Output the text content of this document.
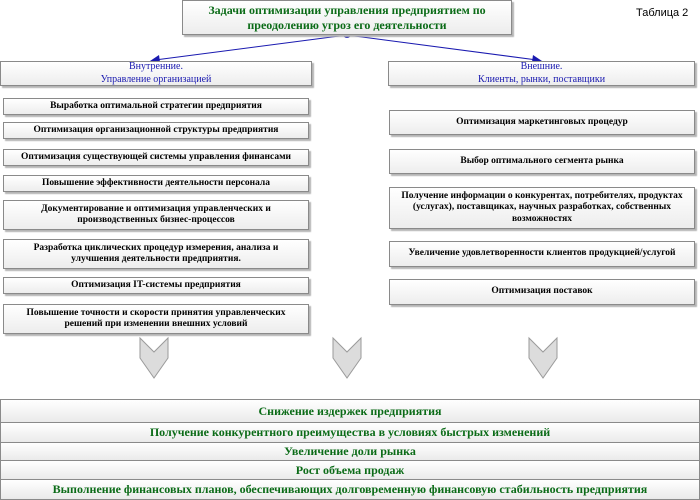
Задачи оптимизации управления предприятием по
преодолению угроз его деятельности
Таблица 2
Внутренние.
Управление организацией
Внешние.
Клиенты, рынки, поставщики
Выработка оптимальной стратегии предприятия
Оптимизация организационной структуры предприятия
Оптимизация существующей системы управления финансами
Повышение эффективности деятельности персонала
Документирование и оптимизация управленческих и
производственных бизнес-процессов
Разработка циклических процедур измерения, анализа и
улучшения деятельности предприятия.
Оптимизация IT-системы предприятия
Повышение точности и скорости принятия управленческих
решений при изменении внешних условий
Оптимизация маркетинговых процедур
Выбор оптимального сегмента рынка
Получение информации о конкурентах, потребителях, продуктах
(услугах), поставщиках, научных разработках, собственных
возможностях
Увеличение удовлетворенности клиентов продукцией/услугой
Оптимизация поставок
Снижение издержек предприятия
Получение конкурентного преимущества в условиях быстрых изменений
Увеличение доли рынка
Рост объема продаж
Выполнение финансовых планов, обеспечивающих долговременную финансовую стабильность предприятия
